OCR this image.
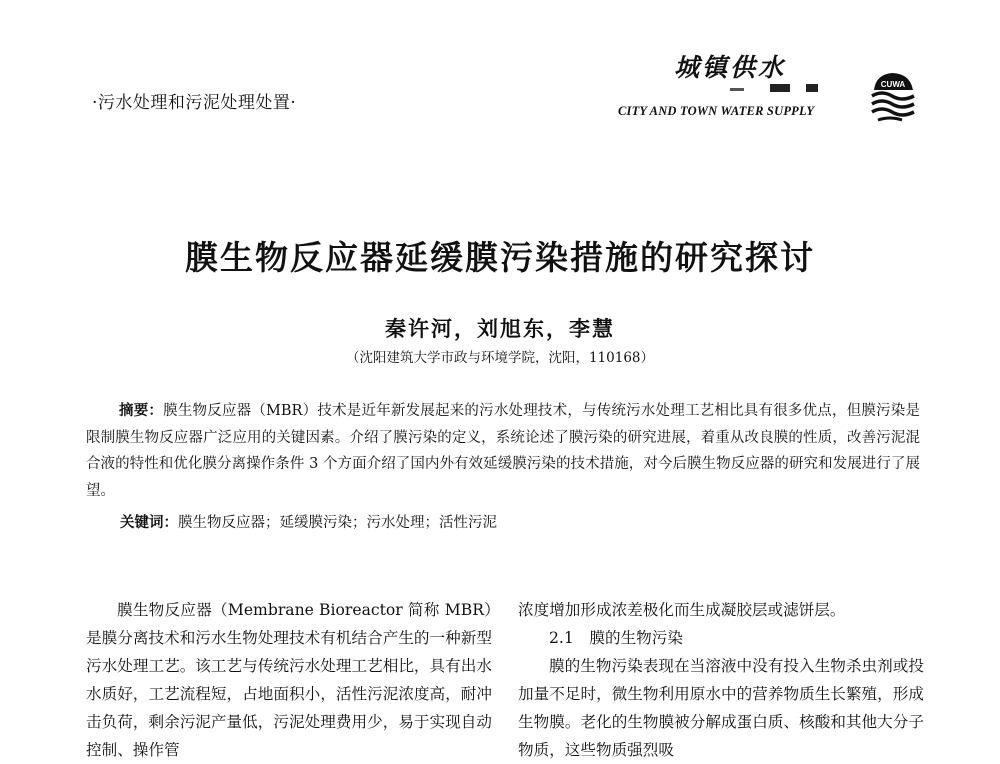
·污水处理和污泥处理处置·
城镇供水
CITY AND TOWN WATER SUPPLY
CUWA
膜生物反应器延缓膜污染措施的研究探讨
秦许河，刘旭东，李慧
（沈阳建筑大学市政与环境学院，沈阳，110168）

摘要：膜生物反应器（MBR）技术是近年新发展起来的污水处理技术，与传统污水处理工艺相比具有很多优点，但膜污染是限制膜生物反应器广泛应用的关键因素。介绍了膜污染的定义，系统论述了膜污染的研究进展，着重从改良膜的性质，改善污泥混合液的特性和优化膜分离操作条件 3 个方面介绍了国内外有效延缓膜污染的技术措施，对今后膜生物反应器的研究和发展进行了展望。

关键词：膜生物反应器；延缓膜污染；污水处理；活性污泥

膜生物反应器（Membrane Bioreactor 简称 MBR）是膜分离技术和污水生物处理技术有机结合产生的一种新型污水处理工艺。该工艺与传统污水处理工艺相比，具有出水水质好，工艺流程短，占地面积小，活性污泥浓度高，耐冲击负荷，剩余污泥产量低，污泥处理费用少，易于实现自动控制、操作管

浓度增加形成浓差极化而生成凝胶层或滤饼层。

2.1　膜的生物污染

膜的生物污染表现在当溶液中没有投入生物杀虫剂或投加量不足时，微生物利用原水中的营养物质生长繁殖，形成生物膜。老化的生物膜被分解成蛋白质、核酸和其他大分子物质，这些物质强烈吸
